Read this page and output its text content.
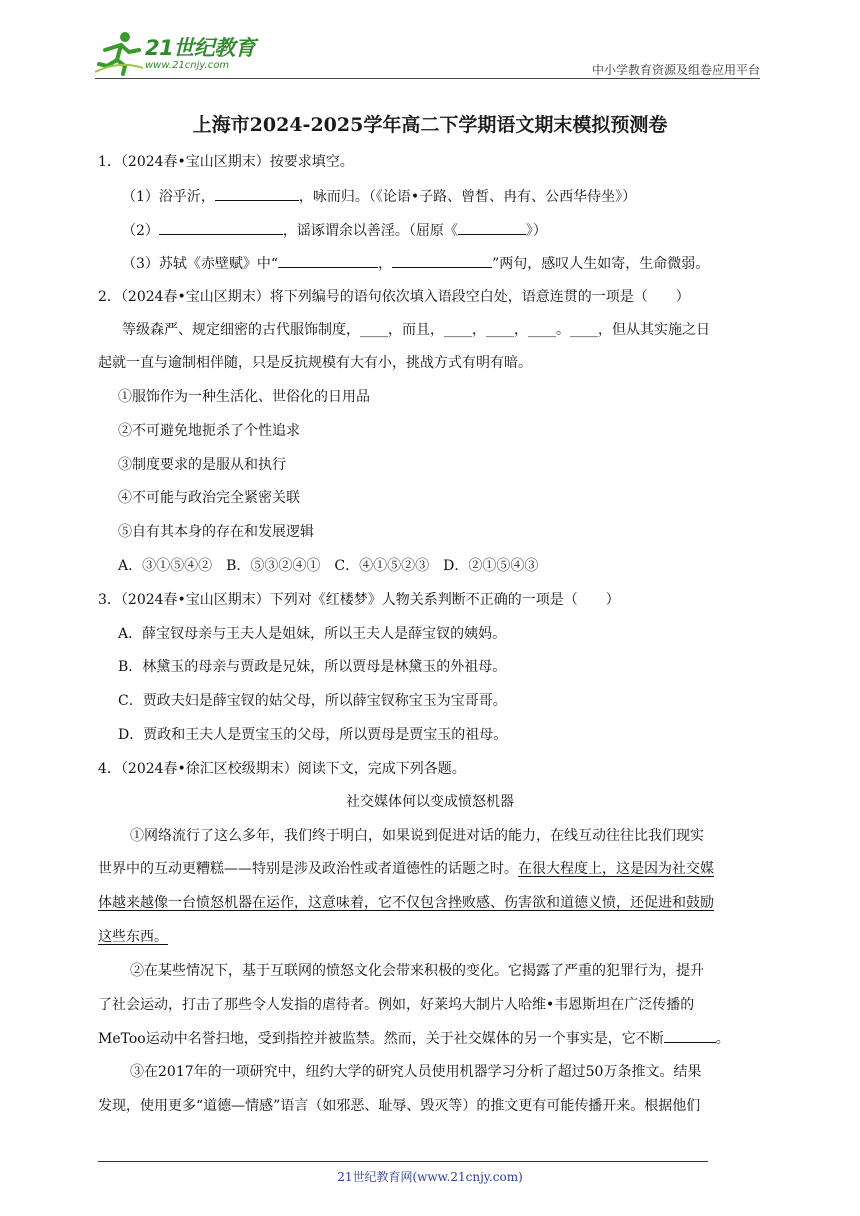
21世纪教育
www.21cnjy.com	中小学教育资源及组卷应用平台
上海市2024-2025学年高二下学期语文期末模拟预测卷
1．（2024春•宝山区期末）按要求填空。
（1）浴乎沂，	，咏而归。（《论语•子路、曾皙、冉有、公西华侍坐》）
（2）	，谣诼谓余以善淫。（屈原《	》）
（3）苏轼《赤壁赋》中“	，	”两句，感叹人生如寄，生命微弱。
2．（2024春•宝山区期末）将下列编号的语句依次填入语段空白处，语意连贯的一项是（　　）
等级森严、规定细密的古代服饰制度，____，而且，____，____，____。____，但从其实施之日
起就一直与逾制相伴随，只是反抗规模有大有小，挑战方式有明有暗。
①服饰作为一种生活化、世俗化的日用品
②不可避免地扼杀了个性追求
③制度要求的是服从和执行
④不可能与政治完全紧密关联
⑤自有其本身的存在和发展逻辑
A．③①⑤④②　B．⑤③②④①　C．④①⑤②③　D．②①⑤④③
3．（2024春•宝山区期末）下列对《红楼梦》人物关系判断不正确的一项是（　　）
A．薛宝钗母亲与王夫人是姐妹，所以王夫人是薛宝钗的姨妈。
B．林黛玉的母亲与贾政是兄妹，所以贾母是林黛玉的外祖母。
C．贾政夫妇是薛宝钗的姑父母，所以薛宝钗称宝玉为宝哥哥。
D．贾政和王夫人是贾宝玉的父母，所以贾母是贾宝玉的祖母。
4．（2024春•徐汇区校级期末）阅读下文，完成下列各题。
社交媒体何以变成愤怒机器
①网络流行了这么多年，我们终于明白，如果说到促进对话的能力，在线互动往往比我们现实
世界中的互动更糟糕——特别是涉及政治性或者道德性的话题之时。在很大程度上，这是因为社交媒
体越来越像一台愤怒机器在运作，这意味着，它不仅包含挫败感、伤害欲和道德义愤，还促进和鼓励
这些东西。
②在某些情况下，基于互联网的愤怒文化会带来积极的变化。它揭露了严重的犯罪行为，提升
了社会运动，打击了那些令人发指的虐待者。例如，好莱坞大制片人哈维•韦恩斯坦在广泛传播的
MeToo运动中名誉扫地，受到指控并被监禁。然而，关于社交媒体的另一个事实是，它不断	。
③在2017年的一项研究中，纽约大学的研究人员使用机器学习分析了超过50万条推文。结果
发现，使用更多“道德—情感”语言（如邪恶、耻辱、毁灭等）的推文更有可能传播开来。根据他们
21世纪教育网(www.21cnjy.com)
